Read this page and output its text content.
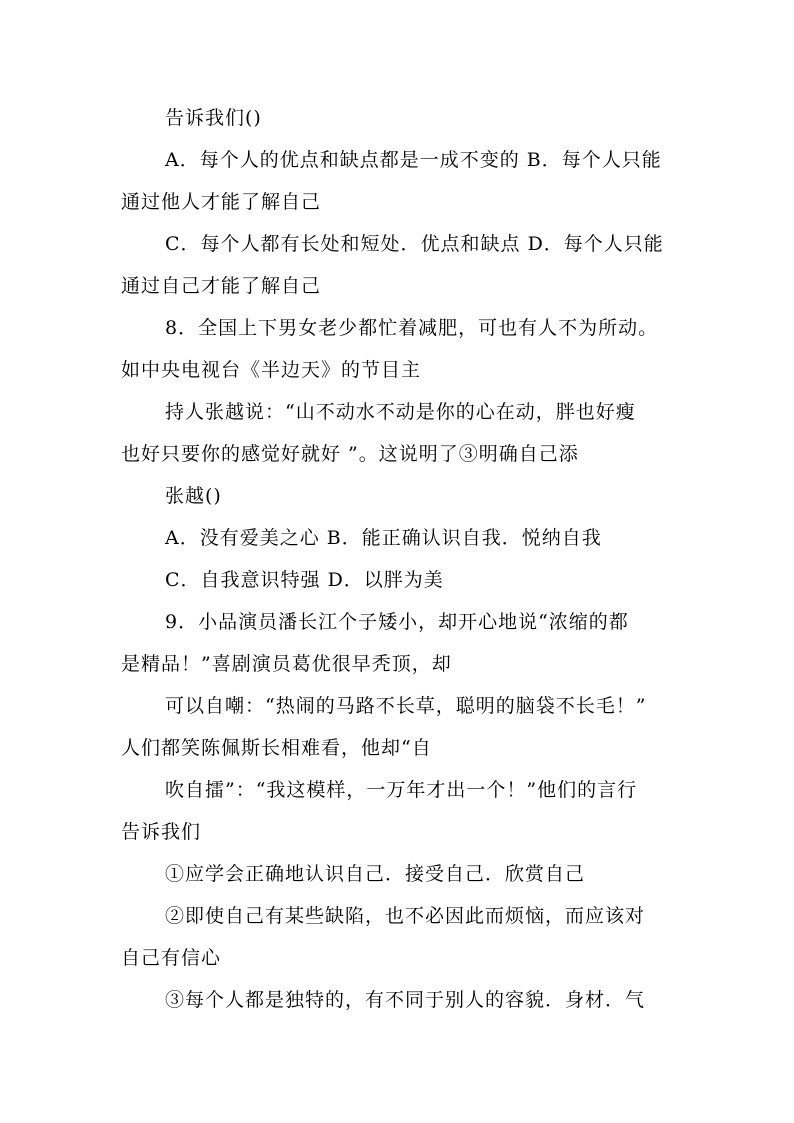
告诉我们()
A．每个人的优点和缺点都是一成不变的 B．每个人只能
通过他人才能了解自己
C．每个人都有长处和短处．优点和缺点 D．每个人只能
通过自己才能了解自己
8．全国上下男女老少都忙着减肥，可也有人不为所动。
如中央电视台《半边天》的节目主
持人张越说：“山不动水不动是你的心在动，胖也好瘦
也好只要你的感觉好就好 ”。这说明了③明确自己添
张越()
A．没有爱美之心 B．能正确认识自我．悦纳自我
C．自我意识特强 D．以胖为美
9．小品演员潘长江个子矮小，却开心地说“浓缩的都
是精品！”喜剧演员葛优很早秃顶，却
可以自嘲：“热闹的马路不长草，聪明的脑袋不长毛！”
人们都笑陈佩斯长相难看，他却“自
吹自擂”：“我这模样，一万年才出一个！”他们的言行
告诉我们
①应学会正确地认识自己．接受自己．欣赏自己
②即使自己有某些缺陷，也不必因此而烦恼，而应该对
自己有信心
③每个人都是独特的，有不同于别人的容貌．身材．气
